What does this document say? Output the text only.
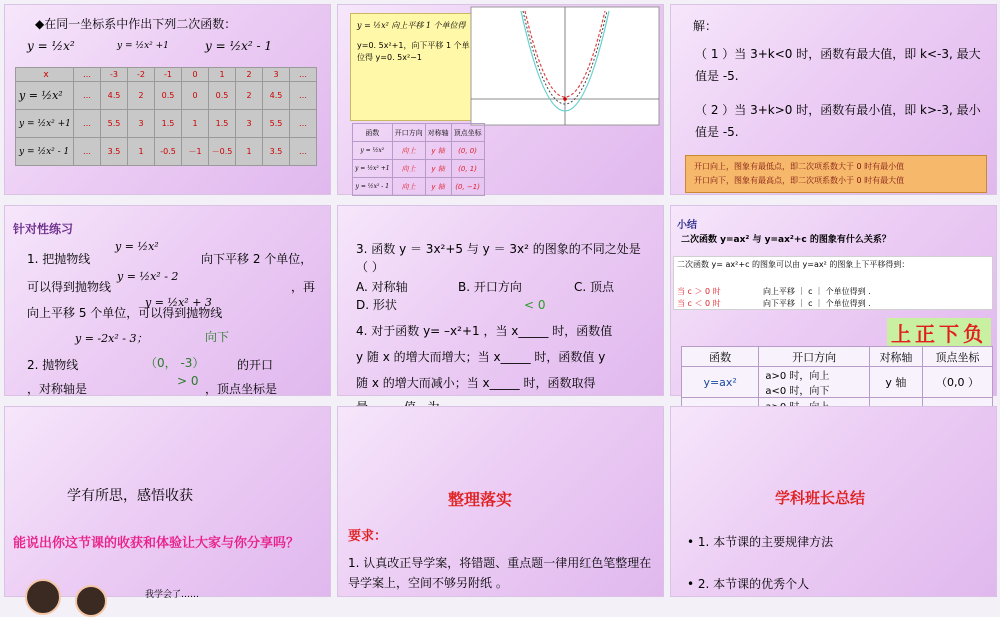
◆在同一坐标系中作出下列二次函数：
y = ½x²	y = ½x² +1	y = ½x² - 1
x	…	-3	-2	-1	0	1	2	3	…
y = ½x²	…	4.5	2	0.5	0	0.5	2	4.5	…
y = ½x² +1	…	5.5	3	1.5	1	1.5	3	5.5	…
y = ½x² - 1	…	3.5	1	-0.5	－1	－0.5	1	3.5	…
y = ½x² 向上平移 1 个单位得
y=0. 5x²+1，向下平移 1 个单位得 y=0. 5x²−1
函数	开口方向	对称轴	顶点坐标
y = ½x²	向上	y 轴	(0, 0)
y = ½x² +1	向上	y 轴	(0, 1)
y = ½x² - 1	向上	y 轴	(0, −1)
解：
（ 1 ）当 3+k<0 时，函数有最大值，即 k<-3, 最大值是 -5.
（ 2 ）当 3+k>0 时，函数有最小值，即 k>-3, 最小值是 -5.
开口向上，图象有最低点，即二次项系数大于 0 时有最小值
开口向下，图象有最高点，即二次项系数小于 0 时有最大值
针对性练习
1. 把抛物线
y = ½x²
向下平移 2 个单位，
可以得到抛物线
y = ½x² - 2
，再
向上平移 5 个单位，可以得到抛物线
y = ½x² + 3
y = -2x² - 3；	向下
2. 抛物线	（0， -3）	的开口
，对称轴是
> 0
，顶点坐标是
3. 函数 y ＝ 3x²+5 与 y ＝ 3x² 的图象的不同之处是（ ）
A. 对称轴	B. 开口方向	C. 顶点
D. 形状	< 0
4. 对于函数 y= –x²+1 ，当 x_____ 时，函数值
y 随 x 的增大而增大；当 x_____ 时，函数值 y
随 x 的增大而减小；当 x_____ 时，函数取得
小结
二次函数 y=ax² 与 y=ax²+c 的图象有什么关系？
二次函数 y= ax²+c 的图象可以由 y=ax² 的图象上下平移得到：
当 c ＞ 0 时	向上平移 ｜ c ｜ 个单位得到 .
当 c ＜ 0 时	向下平移 ｜ c ｜ 个单位得到 .
上正下负
函数	开口方向	对称轴	顶点坐标
y=ax²	a>0 时，向上
a<0 时，向下	y 轴	（0,0 ）

学有所思，感悟收获
能说出你这节课的收获和体验让大家与你分享吗？
我学会了……
整理落实
要求：
1. 认真改正导学案，将错题、重点题一律用红色笔整理在导学案上，空间不够另附纸 。
学科班长总结
• 1. 本节课的主要规律方法
• 2. 本节课的优秀个人
